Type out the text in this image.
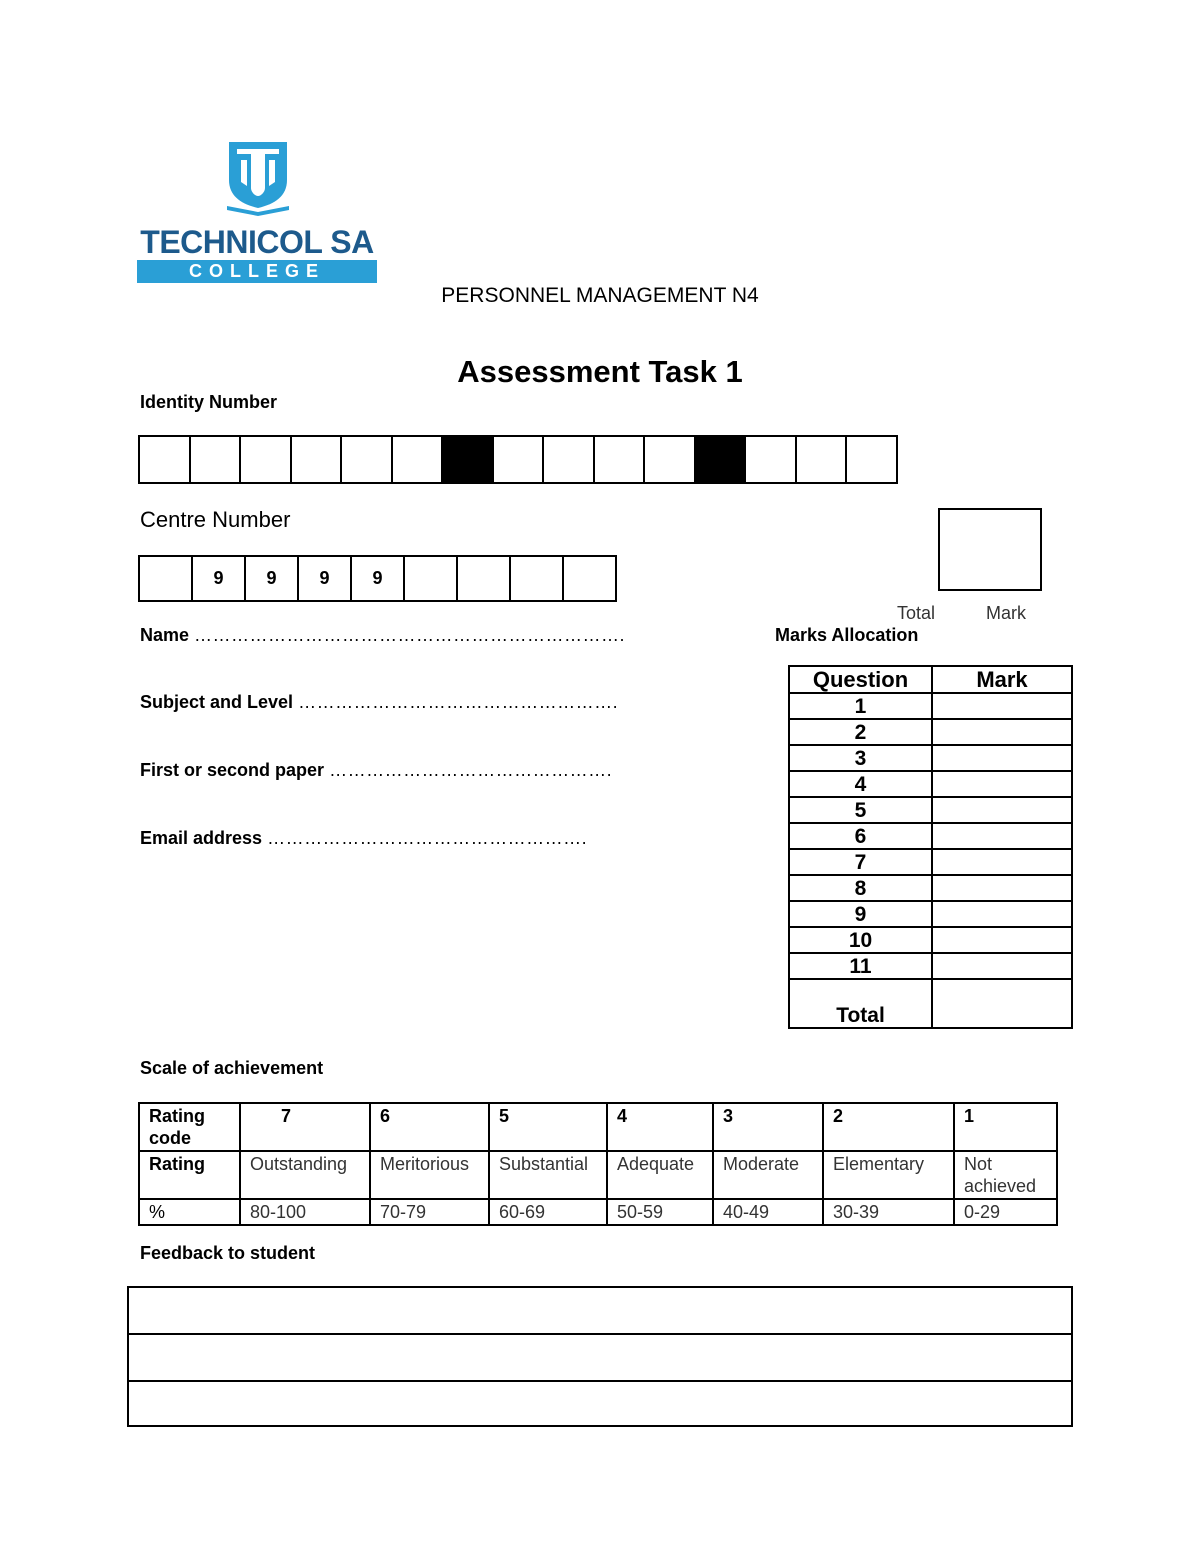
TECHNICOL SA
COLLEGE
PERSONNEL MANAGEMENT N4
Assessment Task 1
Identity Number
Centre Number
9	9	9	9
Name …………………………………………………………….
Subject and Level …………………………………………….
First or second paper ……………………………………….
Email address …………………………………………….
Total	Mark
Marks Allocation
Question	Mark
1	
2	
3	
4	
5	
6	
7	
8	
9	
10	
11	
Total	
Scale of achievement
Rating code	7	6	5	4	3	2	1
Rating	Outstanding	Meritorious	Substantial	Adequate	Moderate	Elementary	Not achieved
%	80-100	70-79	60-69	50-59	40-49	30-39	0-29
Feedback to student
